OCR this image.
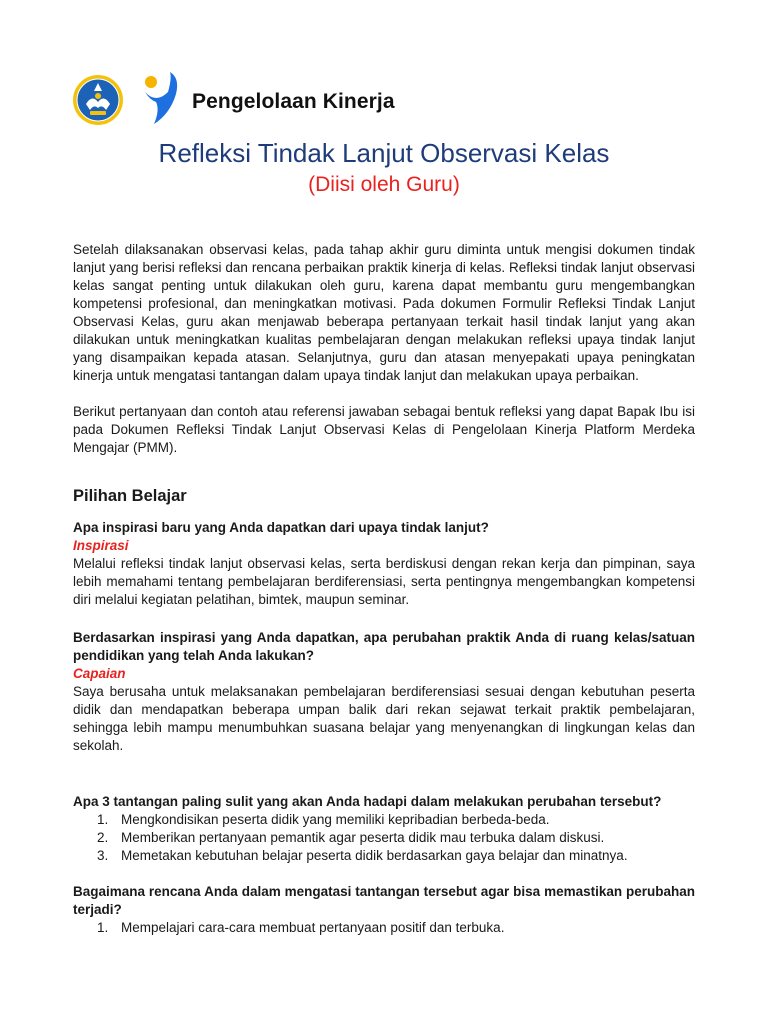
Pengelolaan Kinerja
Refleksi Tindak Lanjut Observasi Kelas
(Diisi oleh Guru)

Setelah dilaksanakan observasi kelas, pada tahap akhir guru diminta untuk mengisi dokumen tindak lanjut yang berisi refleksi dan rencana perbaikan praktik kinerja di kelas. Refleksi tindak lanjut observasi kelas sangat penting untuk dilakukan oleh guru, karena dapat membantu guru mengembangkan kompetensi profesional, dan meningkatkan motivasi. Pada dokumen Formulir Refleksi Tindak Lanjut Observasi Kelas, guru akan menjawab beberapa pertanyaan terkait hasil tindak lanjut yang akan dilakukan untuk meningkatkan kualitas pembelajaran dengan melakukan refleksi upaya tindak lanjut yang disampaikan kepada atasan. Selanjutnya, guru dan atasan menyepakati upaya peningkatan kinerja untuk mengatasi tantangan dalam upaya tindak lanjut dan melakukan upaya perbaikan.

Berikut pertanyaan dan contoh atau referensi jawaban sebagai bentuk refleksi yang dapat Bapak Ibu isi pada Dokumen Refleksi Tindak Lanjut Observasi Kelas di Pengelolaan Kinerja Platform Merdeka Mengajar (PMM).

Pilihan Belajar

Apa inspirasi baru yang Anda dapatkan dari upaya tindak lanjut?

Inspirasi

Melalui refleksi tindak lanjut observasi kelas, serta berdiskusi dengan rekan kerja dan pimpinan, saya lebih memahami tentang pembelajaran berdiferensiasi, serta pentingnya mengembangkan kompetensi diri melalui kegiatan pelatihan, bimtek, maupun seminar.

Berdasarkan inspirasi yang Anda dapatkan, apa perubahan praktik Anda di ruang kelas/satuan pendidikan yang telah Anda lakukan?

Capaian

Saya berusaha untuk melaksanakan pembelajaran berdiferensiasi sesuai dengan kebutuhan peserta didik dan mendapatkan beberapa umpan balik dari rekan sejawat terkait praktik pembelajaran, sehingga lebih mampu menumbuhkan suasana belajar yang menyenangkan di lingkungan kelas dan sekolah.

Apa 3 tantangan paling sulit yang akan Anda hadapi dalam melakukan perubahan tersebut?

1. Mengkondisikan peserta didik yang memiliki kepribadian berbeda-beda.
2. Memberikan pertanyaan pemantik agar peserta didik mau terbuka dalam diskusi.
3. Memetakan kebutuhan belajar peserta didik berdasarkan gaya belajar dan minatnya.

Bagaimana rencana Anda dalam mengatasi tantangan tersebut agar bisa memastikan perubahan terjadi?

1. Mempelajari cara-cara membuat pertanyaan positif dan terbuka.
